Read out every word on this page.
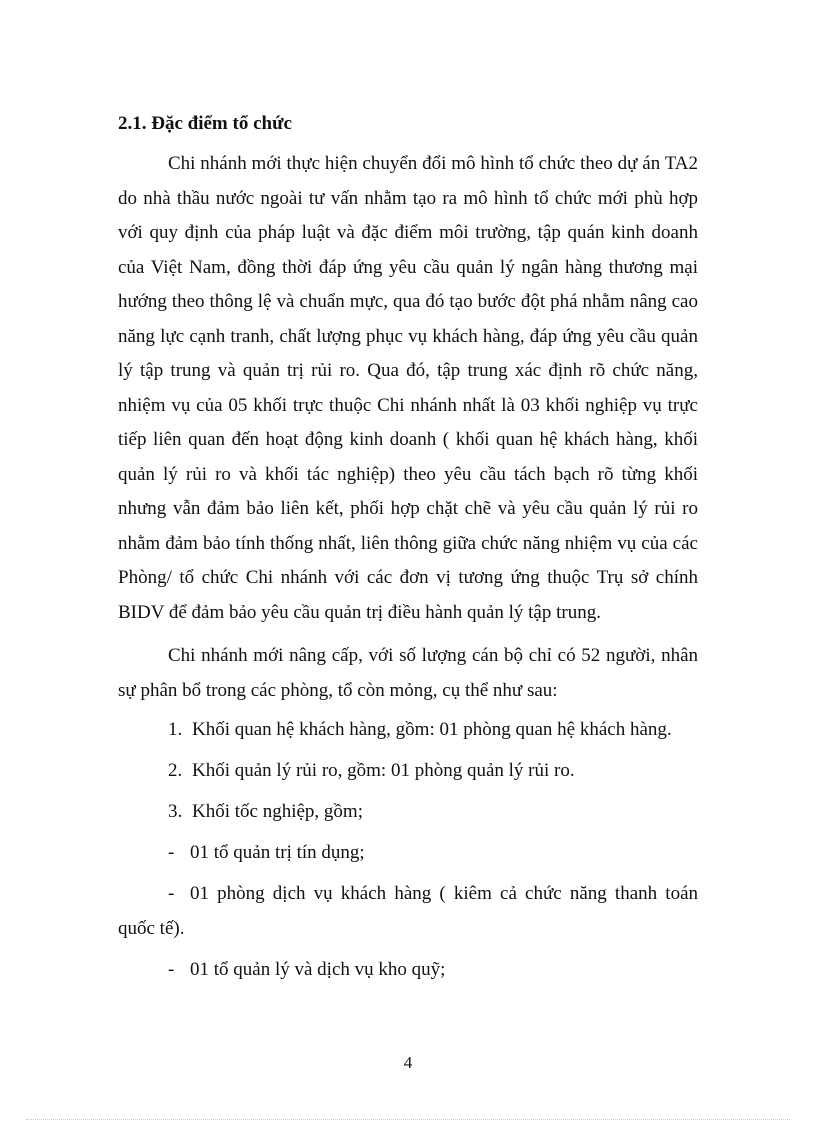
2.1. Đặc điểm tổ chức

Chi nhánh mới thực hiện chuyển đổi mô hình tổ chức theo dự án TA2 do nhà thầu nước ngoài tư vấn nhằm tạo ra mô hình tổ chức mới phù hợp với quy định của pháp luật và đặc điểm môi trường, tập quán kinh doanh của Việt Nam, đồng thời đáp ứng yêu cầu quản lý ngân hàng thương mại hướng theo thông lệ và chuẩn mực, qua đó tạo bước đột phá nhằm nâng cao năng lực cạnh tranh, chất lượng phục vụ khách hàng, đáp ứng yêu cầu quản lý tập trung và quản trị rủi ro. Qua đó, tập trung xác định rõ chức năng, nhiệm vụ của 05 khối trực thuộc Chi nhánh nhất là 03 khối nghiệp vụ trực tiếp liên quan đến hoạt động kinh doanh ( khối quan hệ khách hàng, khối quản lý rủi ro và khối tác nghiệp) theo yêu cầu tách bạch rõ từng khối nhưng vẫn đảm bảo liên kết, phối hợp chặt chẽ và yêu cầu quản lý rủi ro nhằm đảm bảo tính thống nhất, liên thông giữa chức năng nhiệm vụ của các Phòng/ tổ chức Chi nhánh với các đơn vị tương ứng thuộc Trụ sở chính BIDV để đảm bảo yêu cầu quản trị điều hành quản lý tập trung.

Chi nhánh mới nâng cấp, với số lượng cán bộ chỉ có 52 người, nhân sự phân bổ trong các phòng, tổ còn mỏng, cụ thể như sau:

1. Khối quan hệ khách hàng, gồm: 01 phòng quan hệ khách hàng.
2. Khối quản lý rủi ro, gồm: 01 phòng quản lý rủi ro.
3. Khối tốc nghiệp, gồm;
- 01 tổ quản trị tín dụng;
- 01 phòng dịch vụ khách hàng ( kiêm cả chức năng thanh toán quốc tế).
- 01 tổ quản lý và dịch vụ kho quỹ;
4
